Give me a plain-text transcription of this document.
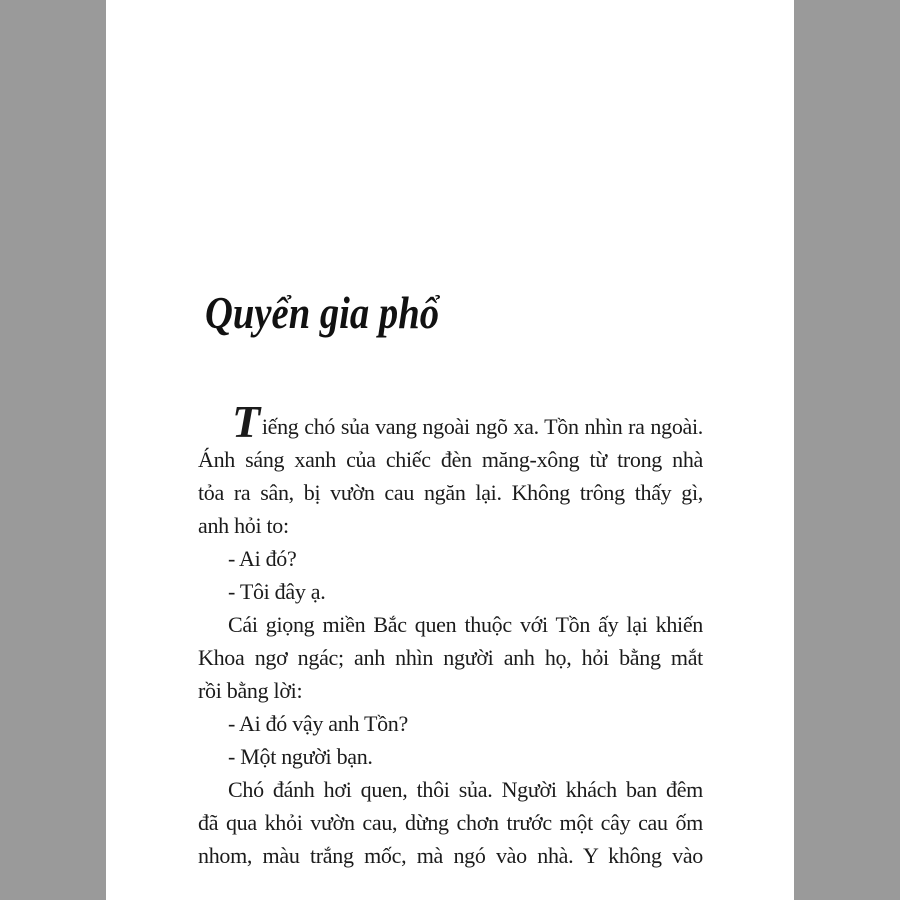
Quyển gia phổ
Tiếng chó sủa vang ngoài ngõ xa. Tồn nhìn ra ngoài.
Ánh sáng xanh của chiếc đèn măng-xông từ trong nhà
tỏa ra sân, bị vườn cau ngăn lại. Không trông thấy gì,
anh hỏi to:
- Ai đó?
- Tôi đây ạ.
Cái giọng miền Bắc quen thuộc với Tồn ấy lại khiến
Khoa ngơ ngác; anh nhìn người anh họ, hỏi bằng mắt
rồi bằng lời:
- Ai đó vậy anh Tồn?
- Một người bạn.
Chó đánh hơi quen, thôi sủa. Người khách ban đêm
đã qua khỏi vườn cau, dừng chơn trước một cây cau ốm
nhom, màu trắng mốc, mà ngó vào nhà. Y không vào
